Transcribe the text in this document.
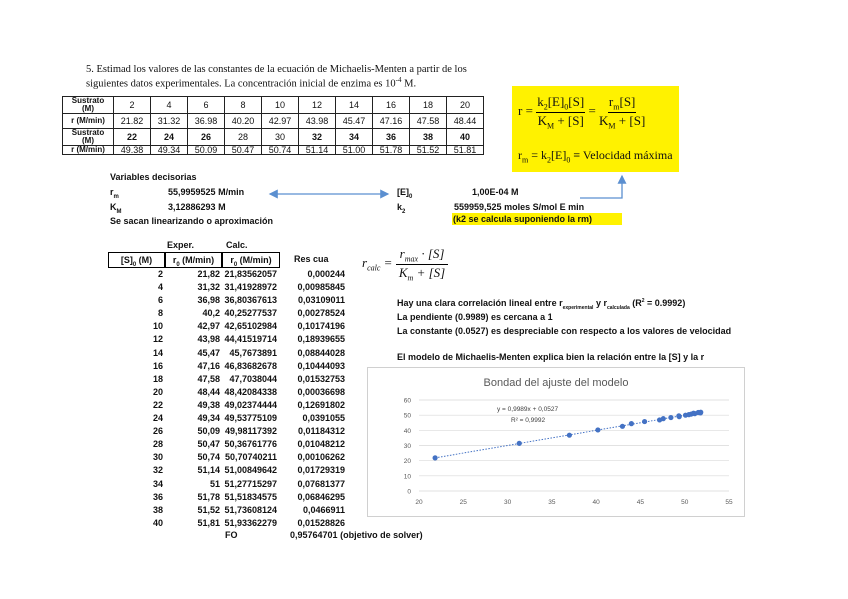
5. Estimad los valores de las constantes de la ecuación de Michaelis-Menten a partir de los
siguientes datos experimentales. La concentración inicial de enzima es $10^{-4}$ M.
Sustrato (M)	2	4	6	8	10	12	14	16	18	20
r (M/min)	21.82	31.32	36.98	40.20	42.97	43.98	45.47	47.16	47.58	48.44
Sustrato (M)	22	24	26	28	30	32	34	36	38	40
r (M/min)	49.38	49.34	50.09	50.47	50.74	51.14	51.00	51.78	51.52	51.81
$r = \frac{k_2[E]_0[S]}{K_M + [S]} = \frac{r_m[S]}{K_M + [S]}$
$r_m = k_2[E]_0$ ≡ Velocidad máxima
Variables decisorias
$r_m$	55,9959525 M/min
$K_M$	3,12886293 M
Se sacan linearizando o aproximación
$[E]_0$	1,00E-04 M
$k_2$	559959,525 moles S/mol E min
(k2 se calcula suponiendo la rm)
Exper.	Calc.
$[S]_0$ (M)	$r_0$ (M/min)	$r_0$ (M/min)	Res cua
2	21,82 21,83562057	0,000244
4	31,32 31,41928972	0,00985845
6	36,98 36,80367613	0,03109011
8	40,2 40,25277537	0,00278524
10	42,97 42,65102984	0,10174196
12	43,98 44,41519714	0,18939655
14	45,47	45,7673891	0,08844028
16	47,16 46,83682678	0,10444093
18	47,58	47,7038044	0,01532753
20	48,44 48,42084338	0,00036698
22	49,38 49,02374444	0,12691802
24	49,34 49,53775109	0,0391055
26	50,09 49,98117392	0,01184312
28	50,47 50,36761776	0,01048212
30	50,74 50,70740211	0,00106262
32	51,14 51,00849642	0,01729319
34	51 51,27715297	0,07681377
36	51,78 51,51834575	0,06846295
38	51,52 51,73608124	0,0466911
40	51,81 51,93362279	0,01528826
FO	0,95764701 (objetivo de solver)
$r_{calc} = \frac{r_{max} \cdot [S]}{K_m + [S]}$
Hay una clara correlación lineal entre $r_{experimental}$ y $r_{calculada}$ $(R^2 = 0.9992)$
La pendiente (0.9989) es cercana a 1
La constante (0.0527) es despreciable con respecto a los valores de velocidad
El modelo de Michaelis-Menten explica bien la relación entre la [S] y la r
Bondad del ajuste del modelo
0
10
20
30
40
50
60
20	25	30	35	40	45	50	55
y = 0,9989x + 0,0527
R² = 0,9992
